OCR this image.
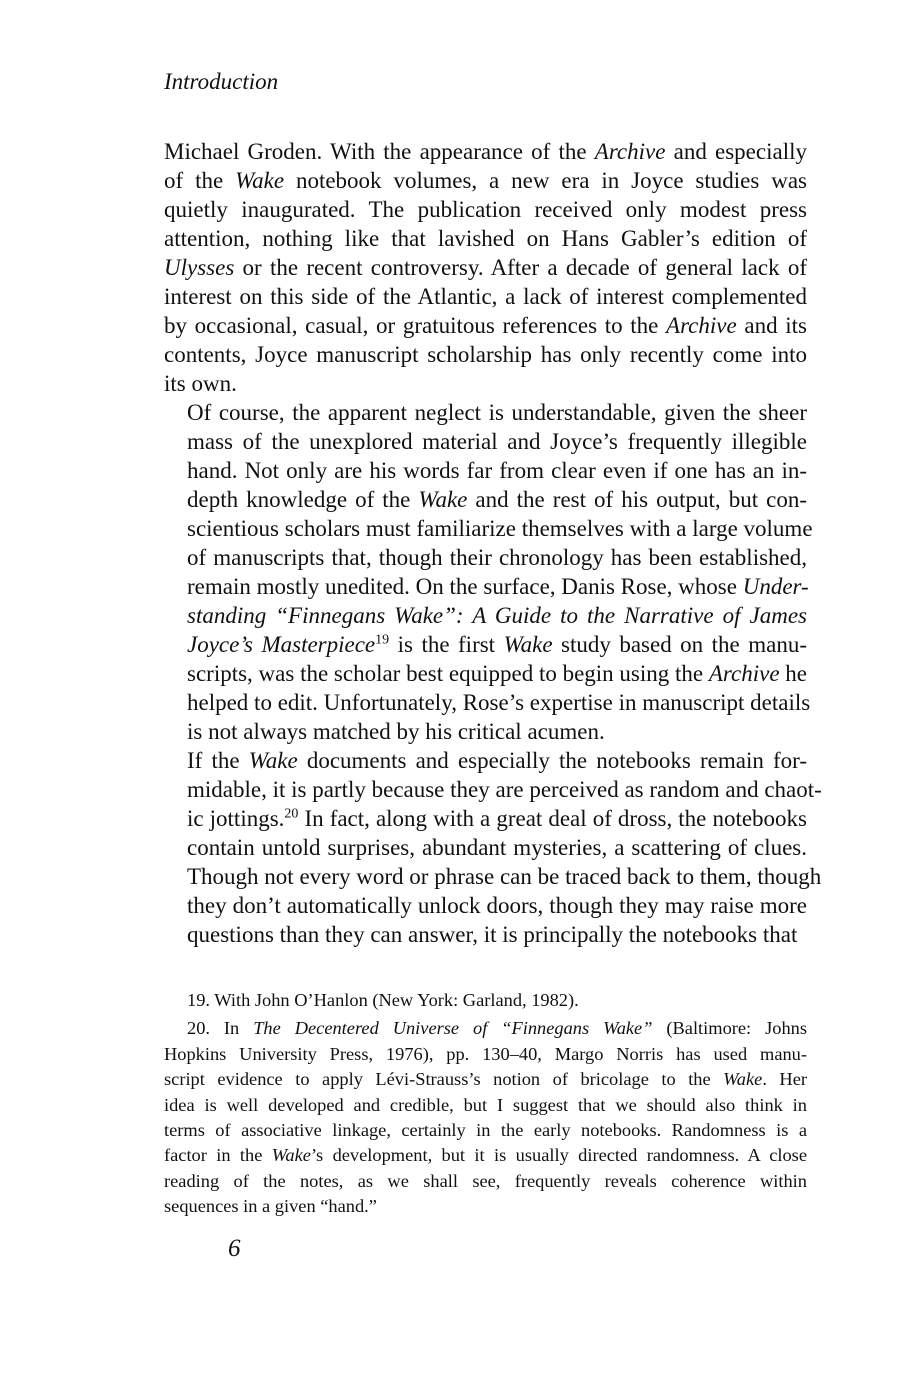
Introduction
Michael Groden. With the appearance of the Archive and especially
of the Wake notebook volumes, a new era in Joyce studies was
quietly inaugurated. The publication received only modest press
attention, nothing like that lavished on Hans Gabler’s edition of
Ulysses or the recent controversy. After a decade of general lack of
interest on this side of the Atlantic, a lack of interest complemented
by occasional, casual, or gratuitous references to the Archive and its
contents, Joyce manuscript scholarship has only recently come into
its own.
Of course, the apparent neglect is understandable, given the sheer
mass of the unexplored material and Joyce’s frequently illegible
hand. Not only are his words far from clear even if one has an in-
depth knowledge of the Wake and the rest of his output, but con-
scientious scholars must familiarize themselves with a large volume
of manuscripts that, though their chronology has been established,
remain mostly unedited. On the surface, Danis Rose, whose Under-
standing “Finnegans Wake”: A Guide to the Narrative of James
Joyce’s Masterpiece$^{19}$ is the first Wake study based on the manu-
scripts, was the scholar best equipped to begin using the Archive he
helped to edit. Unfortunately, Rose’s expertise in manuscript details
is not always matched by his critical acumen.
If the Wake documents and especially the notebooks remain for-
midable, it is partly because they are perceived as random and chaot-
ic jottings.$^{20}$ In fact, along with a great deal of dross, the notebooks
contain untold surprises, abundant mysteries, a scattering of clues.
Though not every word or phrase can be traced back to them, though
they don’t automatically unlock doors, though they may raise more
questions than they can answer, it is principally the notebooks that
19. With John O’Hanlon (New York: Garland, 1982).
20. In The Decentered Universe of “Finnegans Wake” (Baltimore: Johns
Hopkins University Press, 1976), pp. 130–40, Margo Norris has used manu-
script evidence to apply Lévi-Strauss’s notion of bricolage to the Wake. Her
idea is well developed and credible, but I suggest that we should also think in
terms of associative linkage, certainly in the early notebooks. Randomness is a
factor in the Wake’s development, but it is usually directed randomness. A close
reading of the notes, as we shall see, frequently reveals coherence within
sequences in a given “hand.”
6
